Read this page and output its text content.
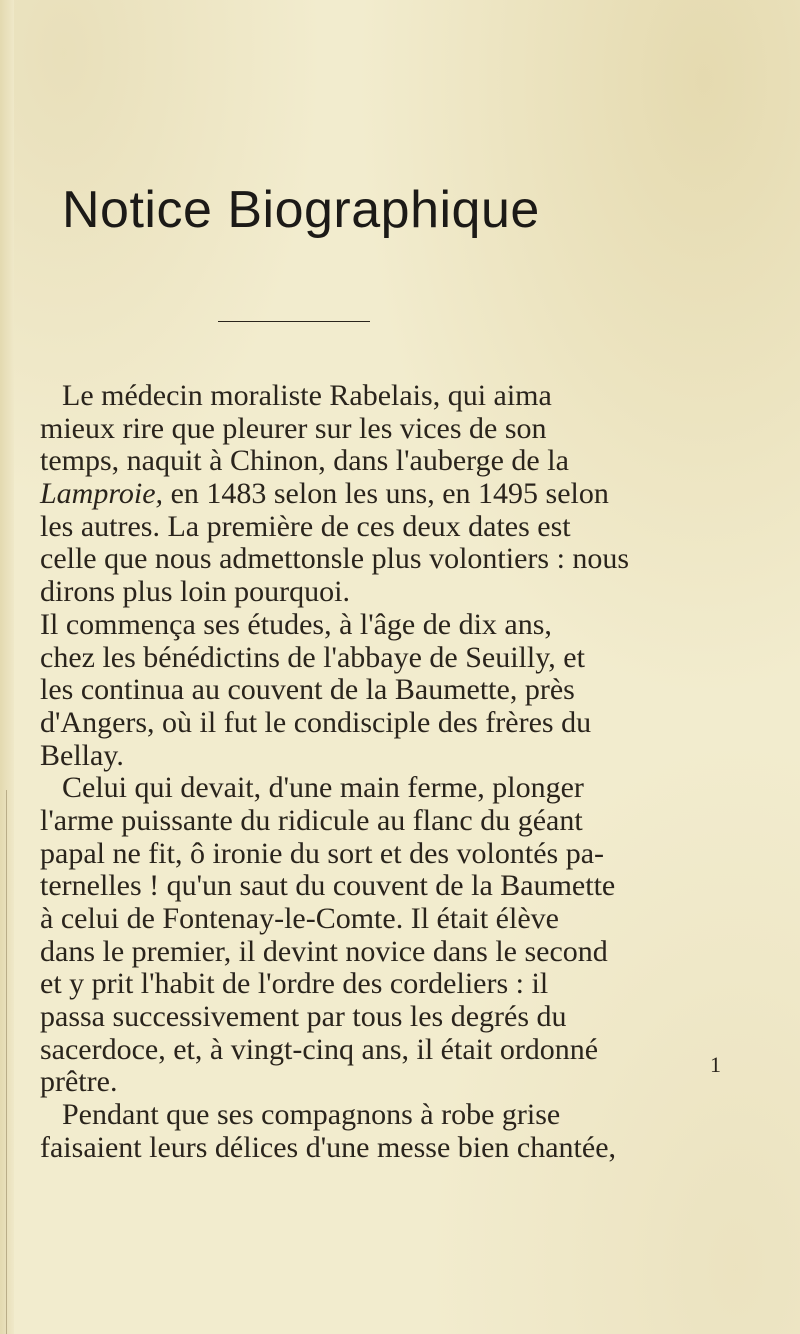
Notice Biographique
Le médecin moraliste Rabelais, qui aima
mieux rire que pleurer sur les vices de son
temps, naquit à Chinon, dans l'auberge de la
Lamproie, en 1483 selon les uns, en 1495 selon
les autres. La première de ces deux dates est
celle que nous admettonsle plus volontiers : nous
dirons plus loin pourquoi.
Il commença ses études, à l'âge de dix ans,
chez les bénédictins de l'abbaye de Seuilly, et
les continua au couvent de la Baumette, près
d'Angers, où il fut le condisciple des frères du
Bellay.
Celui qui devait, d'une main ferme, plonger
l'arme puissante du ridicule au flanc du géant
papal ne fit, ô ironie du sort et des volontés pa-
ternelles ! qu'un saut du couvent de la Baumette
à celui de Fontenay-le-Comte. Il était élève
dans le premier, il devint novice dans le second
et y prit l'habit de l'ordre des cordeliers : il
passa successivement par tous les degrés du
sacerdoce, et, à vingt-cinq ans, il était ordonné
prêtre.
Pendant que ses compagnons à robe grise
faisaient leurs délices d'une messe bien chantée,
1
